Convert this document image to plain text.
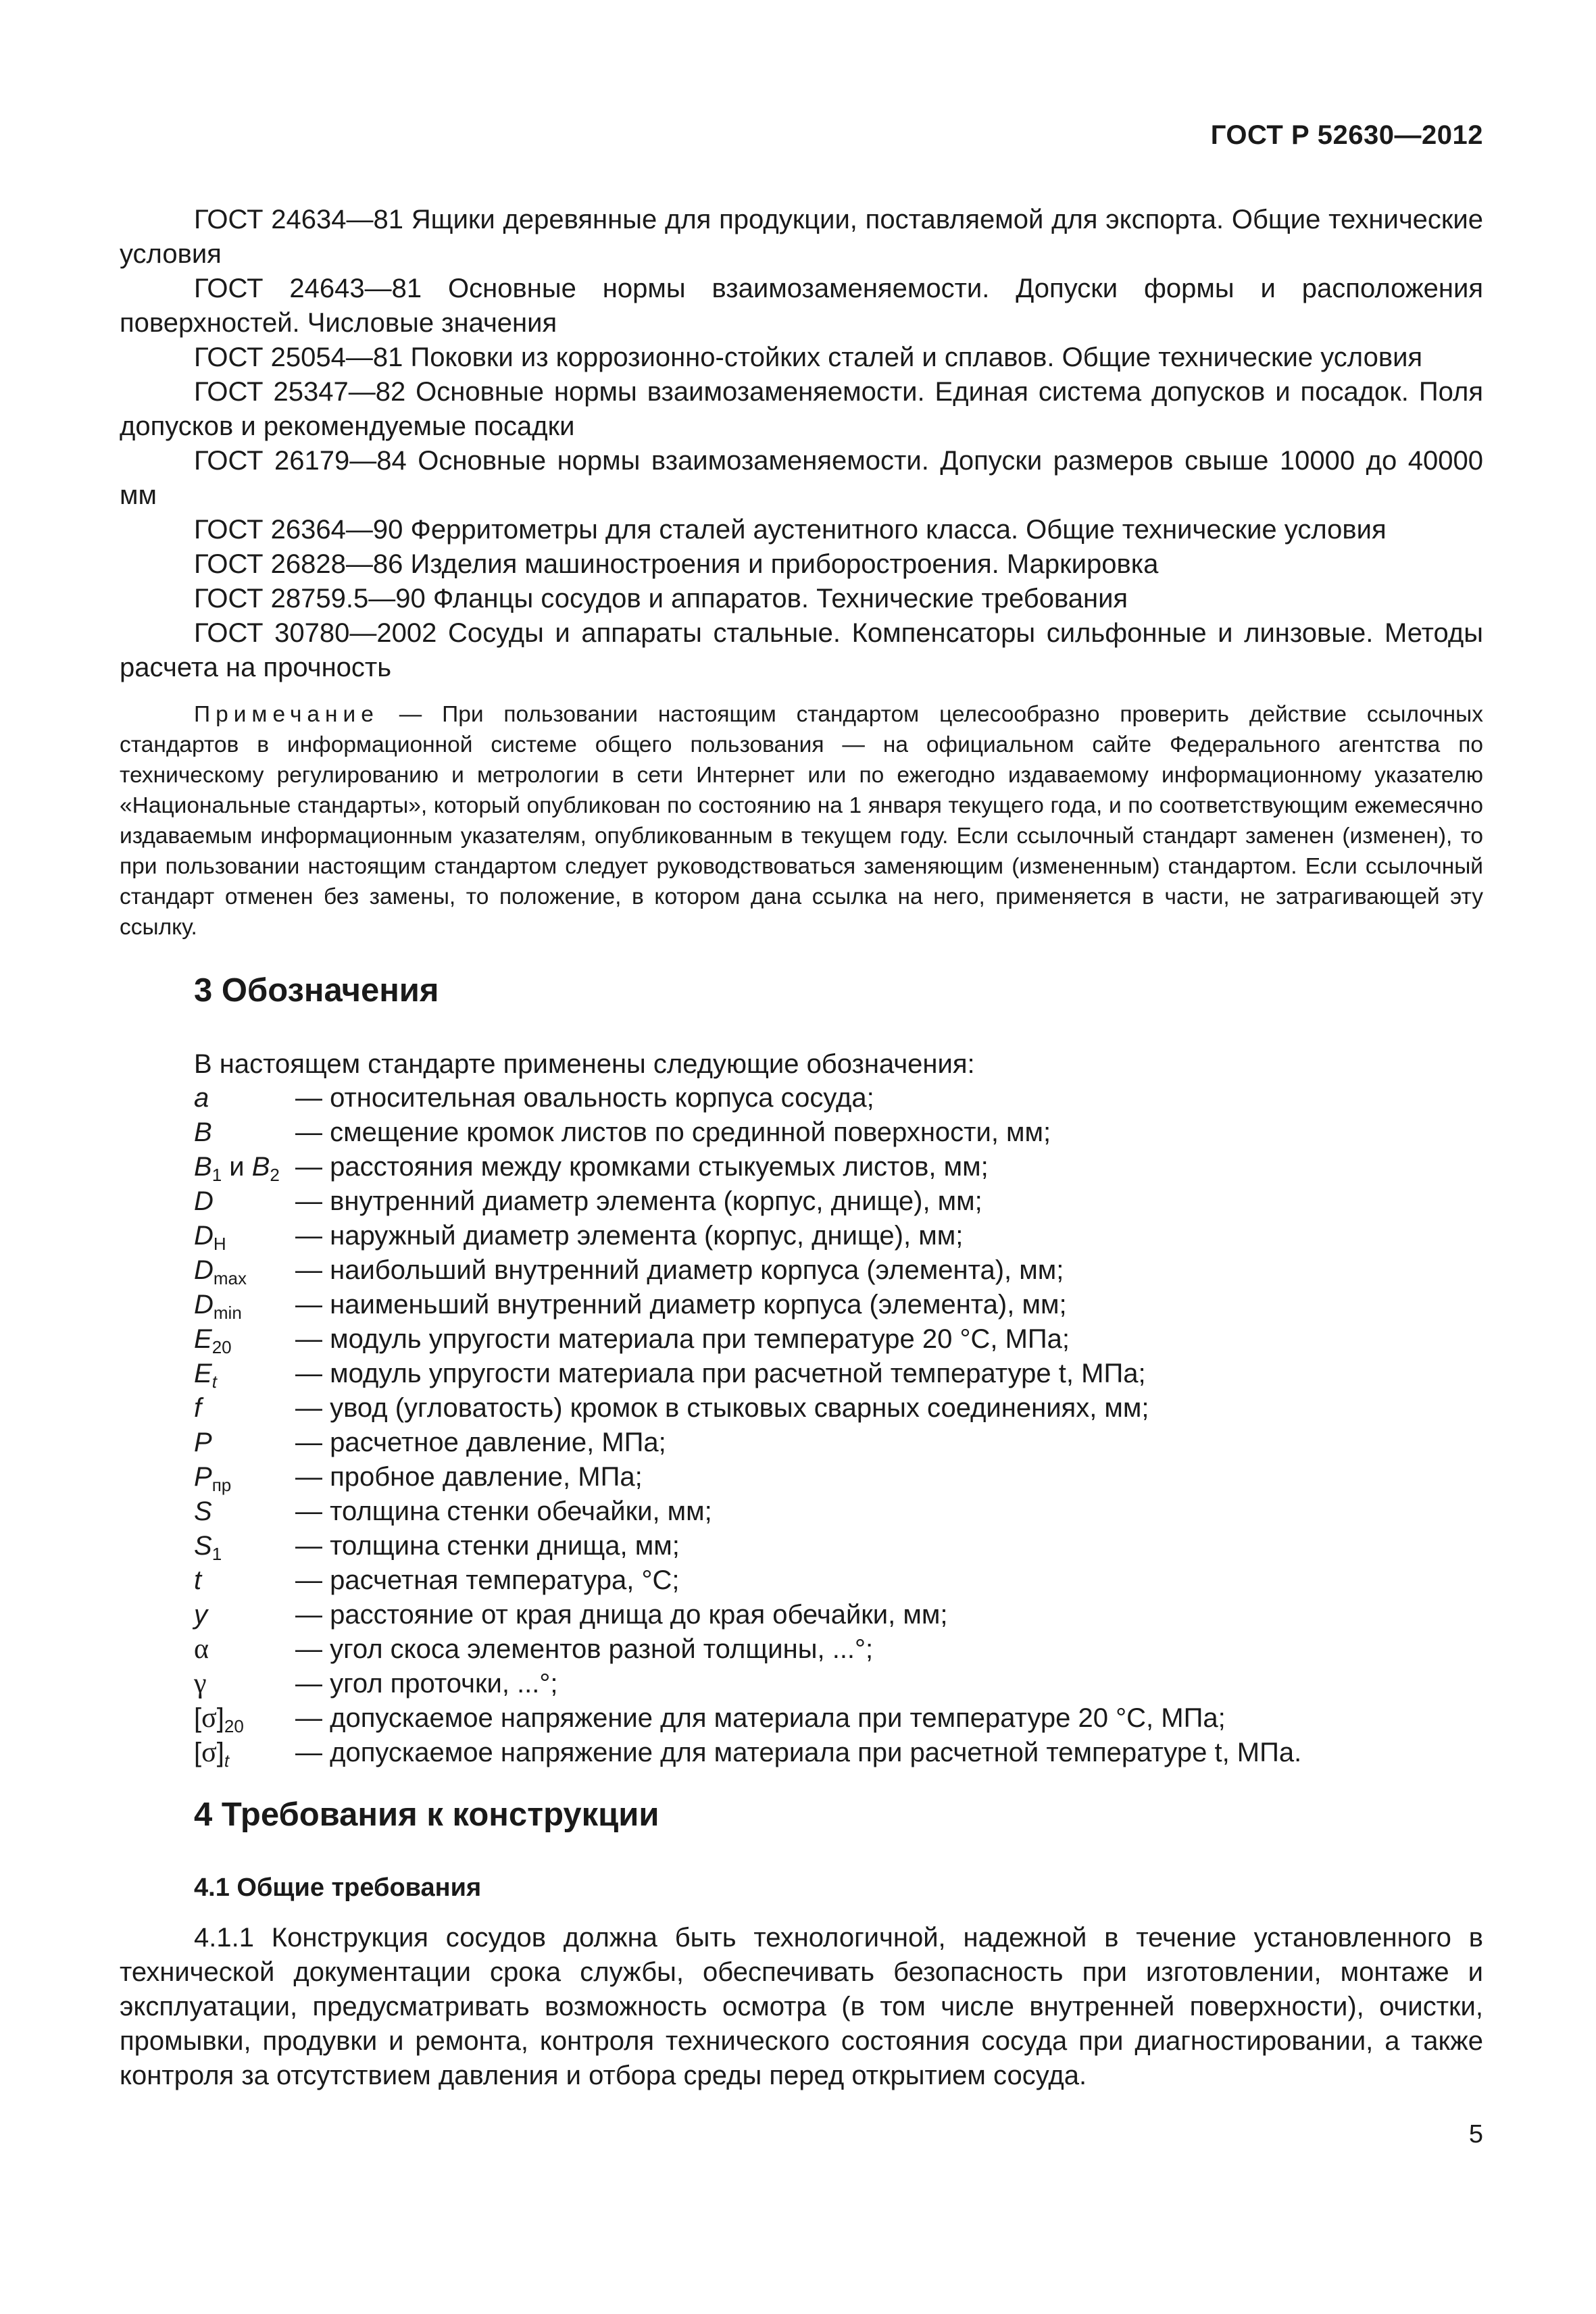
ГОСТ Р 52630—2012

ГОСТ 24634—81 Ящики деревянные для продукции, поставляемой для экспорта. Общие технические условия

ГОСТ 24643—81 Основные нормы взаимозаменяемости. Допуски формы и расположения поверхностей. Числовые значения

ГОСТ 25054—81 Поковки из коррозионно-стойких сталей и сплавов. Общие технические условия

ГОСТ 25347—82 Основные нормы взаимозаменяемости. Единая система допусков и посадок. Поля допусков и рекомендуемые посадки

ГОСТ 26179—84 Основные нормы взаимозаменяемости. Допуски размеров свыше 10000 до 40000 мм

ГОСТ 26364—90 Ферритометры для сталей аустенитного класса. Общие технические условия

ГОСТ 26828—86 Изделия машиностроения и приборостроения. Маркировка

ГОСТ 28759.5—90 Фланцы сосудов и аппаратов. Технические требования

ГОСТ 30780—2002 Сосуды и аппараты стальные. Компенсаторы сильфонные и линзовые. Методы расчета на прочность

Примечание — При пользовании настоящим стандартом целесообразно проверить действие ссылочных стандартов в информационной системе общего пользования — на официальном сайте Федерального агентства по техническому регулированию и метрологии в сети Интернет или по ежегодно издаваемому информационному указателю «Национальные стандарты», который опубликован по состоянию на 1 января текущего года, и по соответствующим ежемесячно издаваемым информационным указателям, опубликованным в текущем году. Если ссылочный стандарт заменен (изменен), то при пользовании настоящим стандартом следует руководствоваться заменяющим (измененным) стандартом. Если ссылочный стандарт отменен без замены, то положение, в котором дана ссылка на него, применяется в части, не затрагивающей эту ссылку.

3 Обозначения

В настоящем стандарте применены следующие обозначения:

a	— относительная овальность корпуса сосуда;
B	— смещение кромок листов по срединной поверхности, мм;
$B_1$ и $B_2$ — расстояния между кромками стыкуемых листов, мм;
D	— внутренний диаметр элемента (корпус, днище), мм;
$D_Н$	— наружный диаметр элемента (корпус, днище), мм;
$D_{max}$	— наибольший внутренний диаметр корпуса (элемента), мм;
$D_{min}$	— наименьший внутренний диаметр корпуса (элемента), мм;
$E_{20}$	— модуль упругости материала при температуре 20 °С, МПа;
$E_t$	— модуль упругости материала при расчетной температуре t, МПа;
f	— увод (угловатость) кромок в стыковых сварных соединениях, мм;
P	— расчетное давление, МПа;
$P_{пр}$	— пробное давление, МПа;
S	— толщина стенки обечайки, мм;
$S_1$	— толщина стенки днища, мм;
t	— расчетная температура, °С;
y	— расстояние от края днища до края обечайки, мм;
α	— угол скоса элементов разной толщины, ...°;
γ	— угол проточки, ...°;
$[\sigma]_{20}$	— допускаемое напряжение для материала при температуре 20 °С, МПа;
$[\sigma]_t$	— допускаемое напряжение для материала при расчетной температуре t, МПа.
4 Требования к конструкции
4.1 Общие требования

4.1.1 Конструкция сосудов должна быть технологичной, надежной в течение установленного в технической документации срока службы, обеспечивать безопасность при изготовлении, монтаже и эксплуатации, предусматривать возможность осмотра (в том числе внутренней поверхности), очистки, промывки, продувки и ремонта, контроля технического состояния сосуда при диагностировании, а также контроля за отсутствием давления и отбора среды перед открытием сосуда.

5
